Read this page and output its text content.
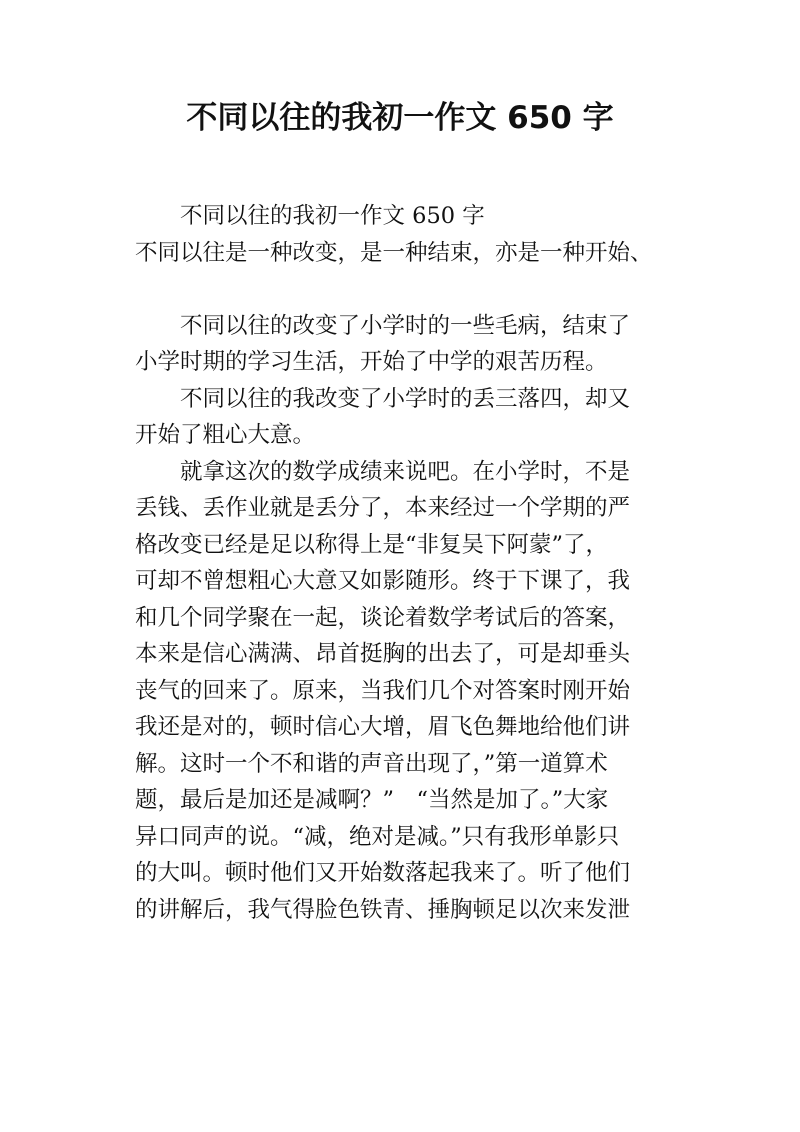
不同以往的我初一作文 650 字
不同以往的我初一作文 650 字
不同以往是一种改变，是一种结束，亦是一种开始、
不同以往的改变了小学时的一些毛病，结束了
小学时期的学习生活，开始了中学的艰苦历程。
不同以往的我改变了小学时的丢三落四，却又
开始了粗心大意。
就拿这次的数学成绩来说吧。在小学时，不是
丢钱、丢作业就是丢分了，本来经过一个学期的严
格改变已经是足以称得上是“非复吴下阿蒙”了，
可却不曾想粗心大意又如影随形。终于下课了，我
和几个同学聚在一起，谈论着数学考试后的答案，
本来是信心满满、昂首挺胸的出去了，可是却垂头
丧气的回来了。原来，当我们几个对答案时刚开始
我还是对的，顿时信心大增，眉飞色舞地给他们讲
解。这时一个不和谐的声音出现了，”第一道算术
题，最后是加还是减啊？”　“当然是加了。”大家
异口同声的说。“减，绝对是减。”只有我形单影只
的大叫。顿时他们又开始数落起我来了。听了他们
的讲解后，我气得脸色铁青、捶胸顿足以次来发泄
